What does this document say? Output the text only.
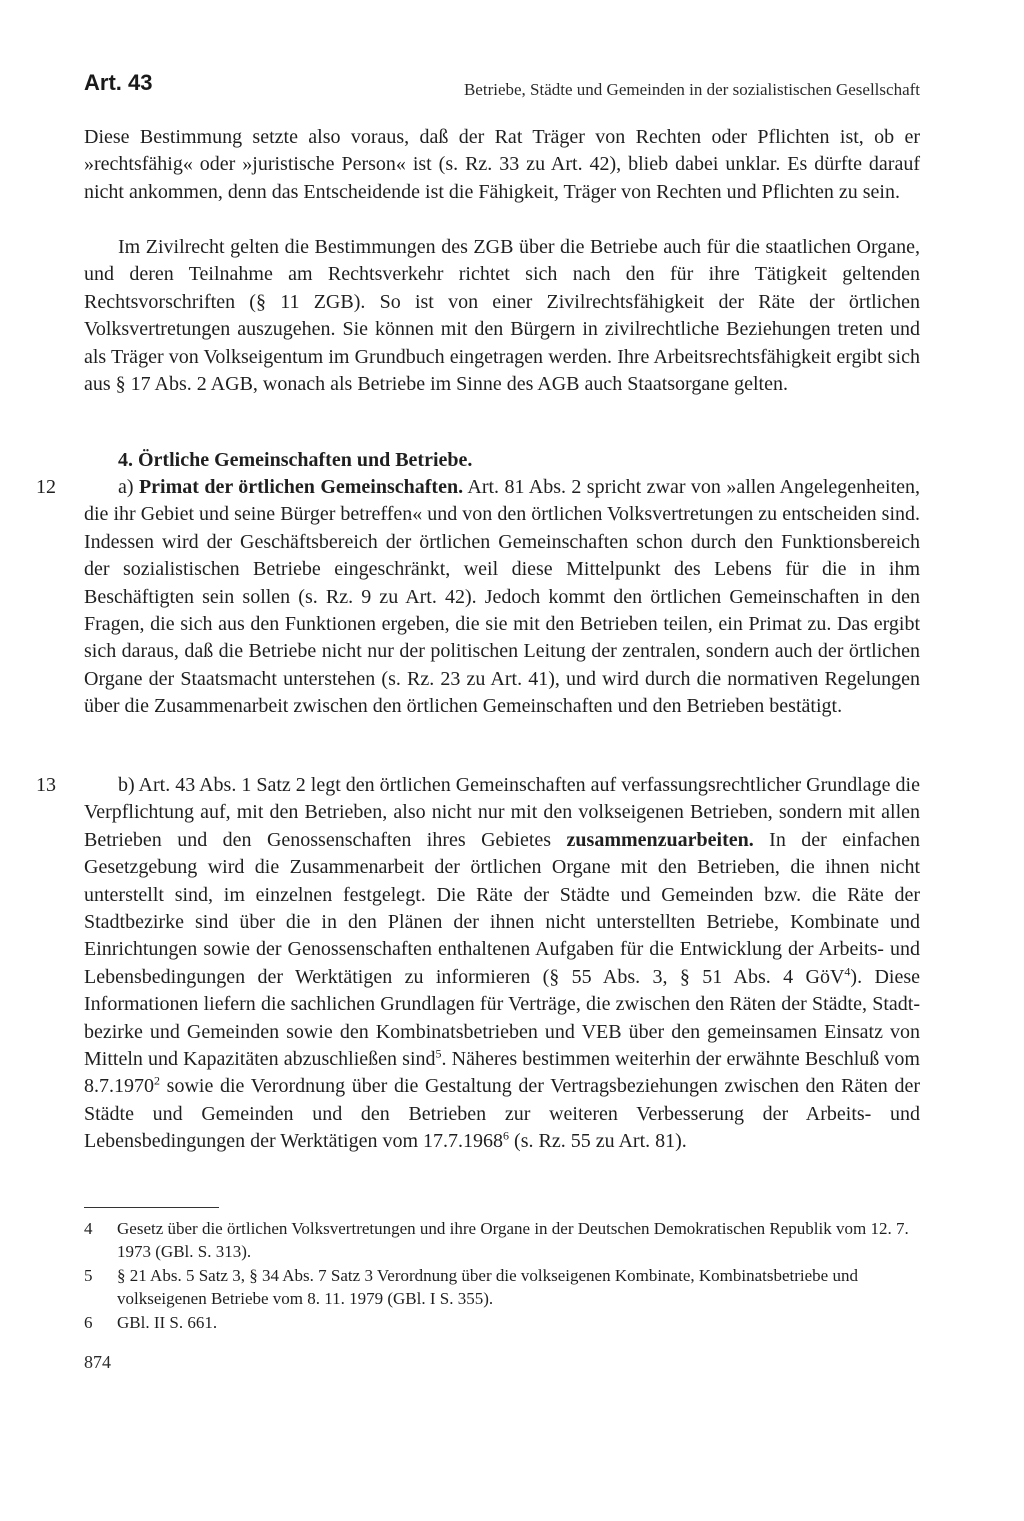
Art. 43	Betriebe, Städte und Gemeinden in der sozialistischen Gesellschaft

Diese Bestimmung setzte also voraus, daß der Rat Träger von Rechten oder Pflichten ist, ob er »rechtsfähig« oder »juristische Person« ist (s. Rz. 33 zu Art. 42), blieb dabei unklar. Es dürfte darauf nicht ankommen, denn das Entscheidende ist die Fähigkeit, Träger von Rechten und Pflichten zu sein.

Im Zivilrecht gelten die Bestimmungen des ZGB über die Betriebe auch für die staatlichen Organe, und deren Teilnahme am Rechtsverkehr richtet sich nach den für ihre Tätigkeit geltenden Rechtsvorschriften (§ 11 ZGB). So ist von einer Zivilrechtsfähigkeit der Räte der örtlichen Volksvertretungen auszugehen. Sie können mit den Bürgern in zivilrechtliche Beziehungen treten und als Träger von Volkseigentum im Grundbuch eingetragen werden. Ihre Arbeitsrechtsfähigkeit ergibt sich aus § 17 Abs. 2 AGB, wonach als Betriebe im Sinne des AGB auch Staatsorgane gelten.

4. Örtliche Gemeinschaften und Betriebe.
12	a) Primat der örtlichen Gemeinschaften. Art. 81 Abs. 2 spricht zwar von »allen Angelegenheiten, die ihr Gebiet und seine Bürger betreffen« und von den örtlichen Volksvertretungen zu entscheiden sind. Indessen wird der Geschäftsbereich der örtlichen Gemeinschaften schon durch den Funktionsbereich der sozialistischen Betriebe eingeschränkt, weil diese Mittelpunkt des Lebens für die in ihm Beschäftigten sein sollen (s. Rz. 9 zu Art. 42). Jedoch kommt den örtlichen Gemeinschaften in den Fragen, die sich aus den Funktionen ergeben, die sie mit den Betrieben teilen, ein Primat zu. Das ergibt sich daraus, daß die Betriebe nicht nur der politischen Leitung der zentralen, sondern auch der örtlichen Organe der Staatsmacht unterstehen (s. Rz. 23 zu Art. 41), und wird durch die normativen Regelungen über die Zusammenarbeit zwischen den örtlichen Gemeinschaften und den Betrieben bestätigt.

13	b) Art. 43 Abs. 1 Satz 2 legt den örtlichen Gemeinschaften auf verfassungsrechtlicher Grundlage die Verpflichtung auf, mit den Betrieben, also nicht nur mit den volkseigenen Betrieben, sondern mit allen Betrieben und den Genossenschaften ihres Gebietes zusammenzuarbeiten. In der einfachen Gesetzgebung wird die Zusammenarbeit der örtlichen Organe mit den Betrieben, die ihnen nicht unterstellt sind, im einzelnen festgelegt. Die Räte der Städte und Gemeinden bzw. die Räte der Stadtbezirke sind über die in den Plänen der ihnen nicht unterstellten Betriebe, Kombinate und Einrichtungen sowie der Genossenschaften enthaltenen Aufgaben für die Entwicklung der Arbeits- und Lebensbedingungen der Werktätigen zu informieren (§ 55 Abs. 3, § 51 Abs. 4 GöV$^4$). Diese Informationen liefern die sachlichen Grundlagen für Verträge, die zwischen den Räten der Städte, Stadtbezirke und Gemeinden sowie den Kombinatsbetrieben und VEB über den gemeinsamen Einsatz von Mitteln und Kapazitäten abzuschließen sind$^5$. Näheres bestimmen weiterhin der erwähnte Beschluß vom 8.7.1970$^2$ sowie die Verordnung über die Gestaltung der Vertragsbeziehungen zwischen den Räten der Städte und Gemeinden und den Betrieben zur weiteren Verbesserung der Arbeits- und Lebensbedingungen der Werktätigen vom 17.7.1968$^6$ (s. Rz. 55 zu Art. 81).

4 Gesetz über die örtlichen Volksvertretungen und ihre Organe in der Deutschen Demokratischen Republik vom 12. 7. 1973 (GBl. S. 313).
5 § 21 Abs. 5 Satz 3, § 34 Abs. 7 Satz 3 Verordnung über die volkseigenen Kombinate, Kombinatsbetriebe und volkseigenen Betriebe vom 8. 11. 1979 (GBl. I S. 355).
6 GBl. II S. 661.
874
